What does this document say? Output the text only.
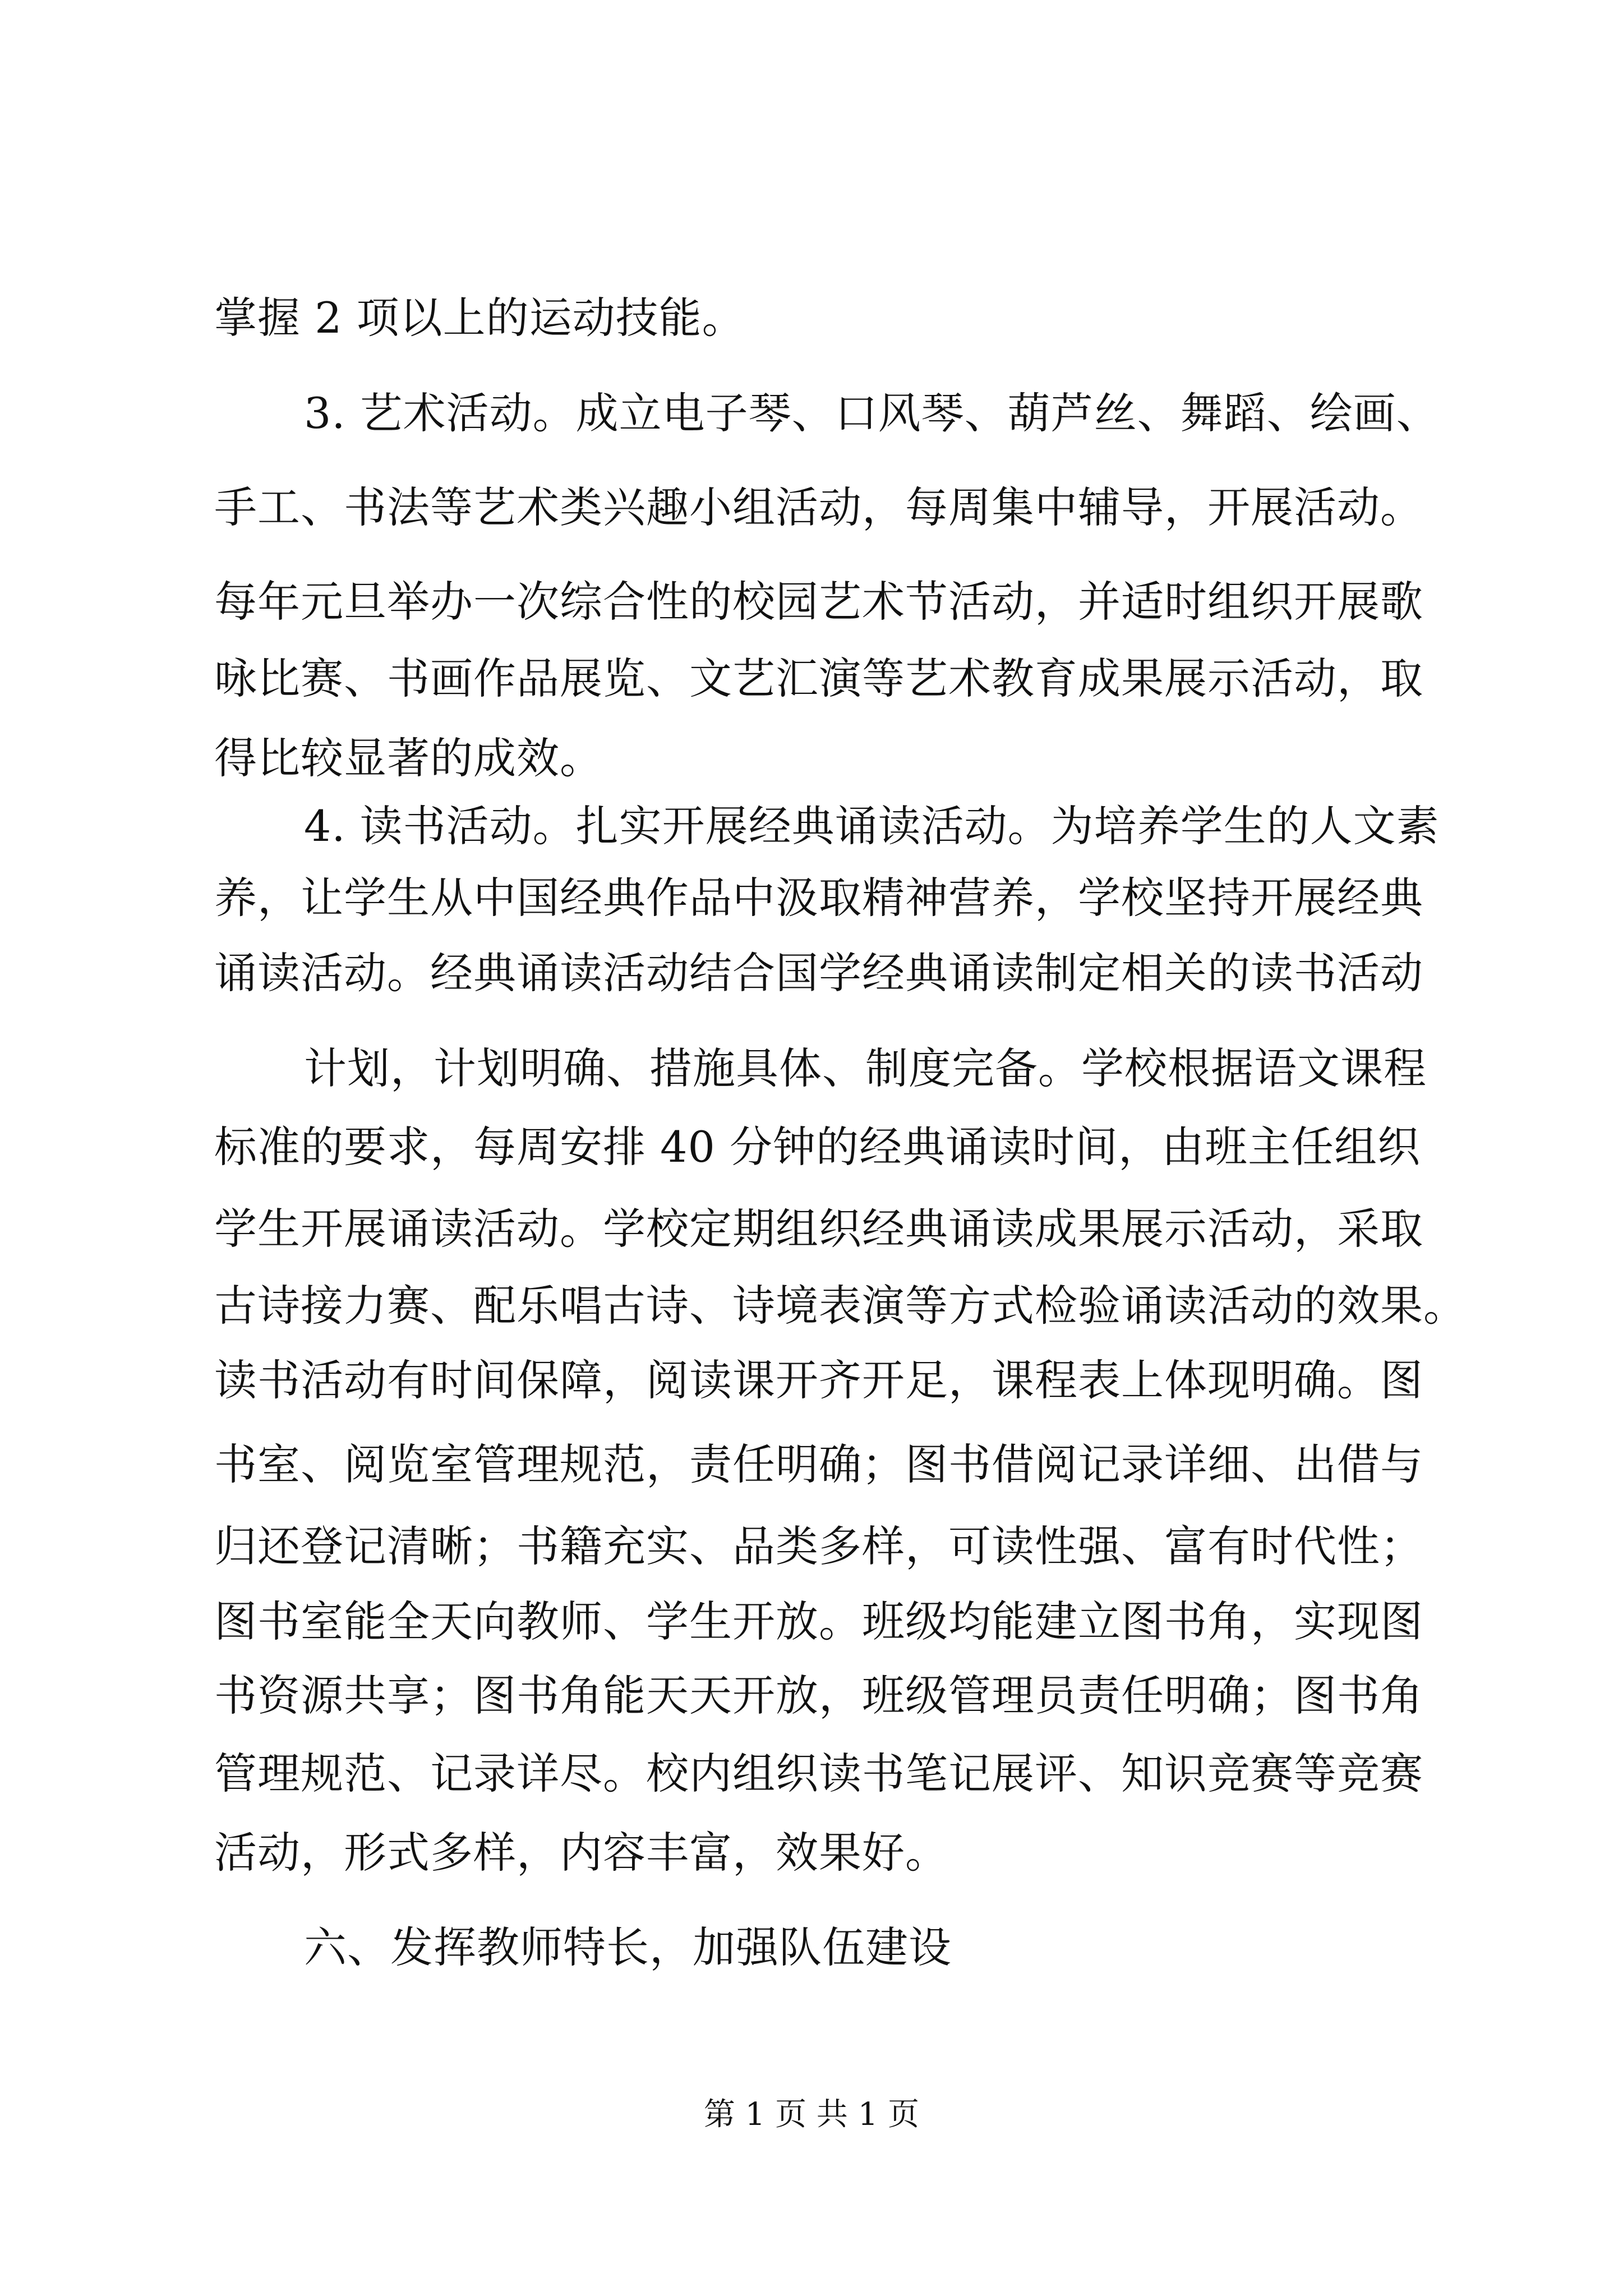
掌握 2 项以上的运动技能。
3. 艺术活动。成立电子琴、口风琴、葫芦丝、舞蹈、绘画、
手工、书法等艺术类兴趣小组活动，每周集中辅导，开展活动。
每年元旦举办一次综合性的校园艺术节活动，并适时组织开展歌
咏比赛、书画作品展览、文艺汇演等艺术教育成果展示活动，取
得比较显著的成效。
4. 读书活动。扎实开展经典诵读活动。为培养学生的人文素
养，让学生从中国经典作品中汲取精神营养，学校坚持开展经典
诵读活动。经典诵读活动结合国学经典诵读制定相关的读书活动
计划，计划明确、措施具体、制度完备。学校根据语文课程
标准的要求，每周安排 40 分钟的经典诵读时间，由班主任组织
学生开展诵读活动。学校定期组织经典诵读成果展示活动，采取
古诗接力赛、配乐唱古诗、诗境表演等方式检验诵读活动的效果。
读书活动有时间保障，阅读课开齐开足，课程表上体现明确。图
书室、阅览室管理规范，责任明确；图书借阅记录详细、出借与
归还登记清晰；书籍充实、品类多样，可读性强、富有时代性；
图书室能全天向教师、学生开放。班级均能建立图书角，实现图
书资源共享；图书角能天天开放，班级管理员责任明确；图书角
管理规范、记录详尽。校内组织读书笔记展评、知识竞赛等竞赛
活动，形式多样，内容丰富，效果好。
六、发挥教师特长，加强队伍建设
第 1 页 共 1 页
